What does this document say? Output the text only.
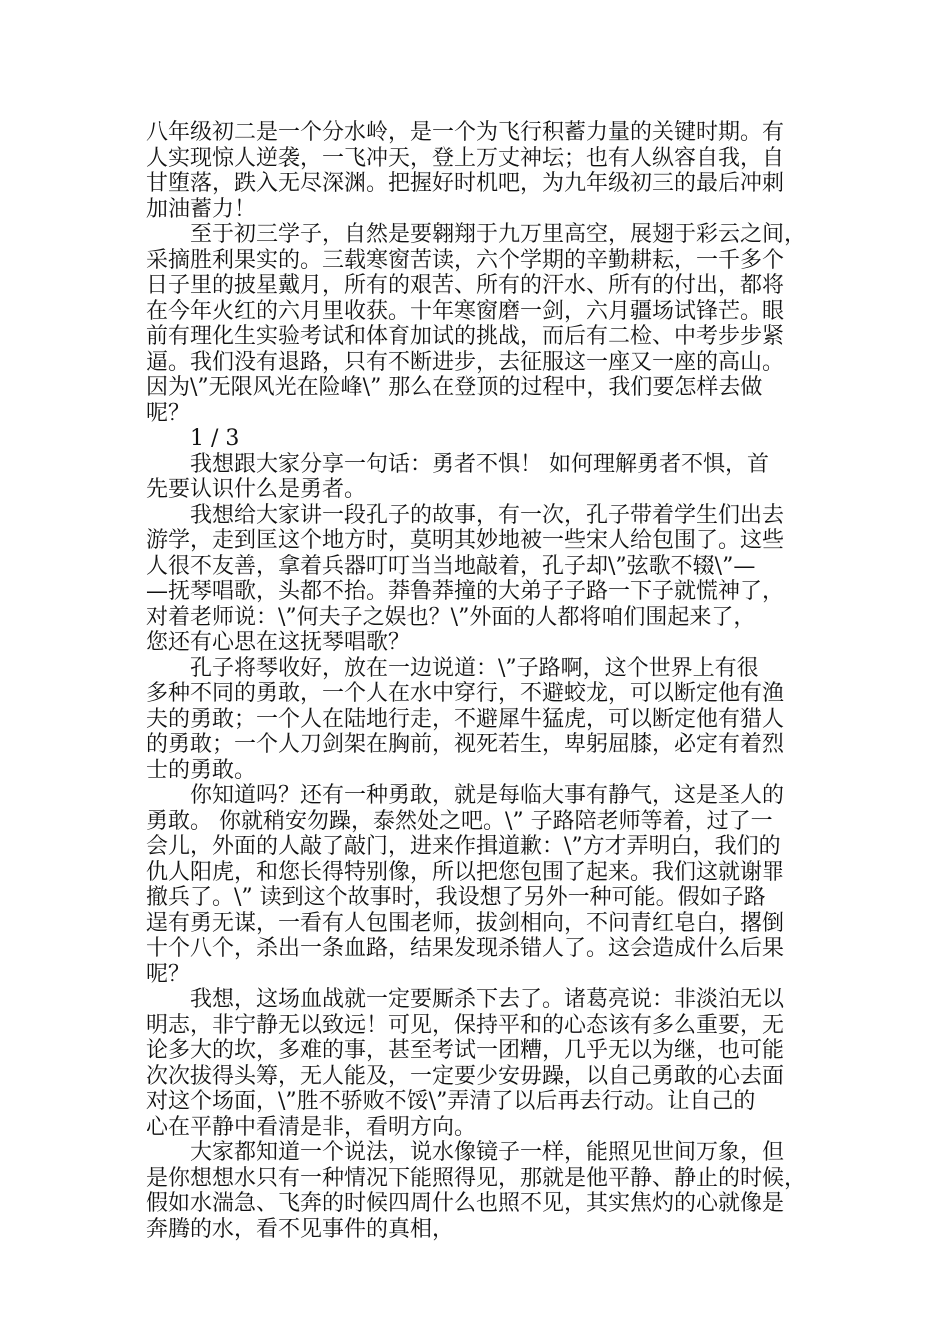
八年级初二是一个分水岭，是一个为飞行积蓄力量的关键时期。有
人实现惊人逆袭，一飞冲天，登上万丈神坛；也有人纵容自我，自
甘堕落，跌入无尽深渊。把握好时机吧，为九年级初三的最后冲刺
加油蓄力！
　　至于初三学子，自然是要翱翔于九万里高空，展翅于彩云之间，
采摘胜利果实的。三载寒窗苦读，六个学期的辛勤耕耘，一千多个
日子里的披星戴月，所有的艰苦、所有的汗水、所有的付出，都将
在今年火红的六月里收获。十年寒窗磨一剑，六月疆场试锋芒。眼
前有理化生实验考试和体育加试的挑战，而后有二检、中考步步紧
逼。我们没有退路，只有不断进步，去征服这一座又一座的高山。
因为\”无限风光在险峰\” 那么在登顶的过程中，我们要怎样去做
呢？
　　1 / 3
　　我想跟大家分享一句话：勇者不惧！ 如何理解勇者不惧，首
先要认识什么是勇者。
　　我想给大家讲一段孔子的故事，有一次，孔子带着学生们出去
游学，走到匡这个地方时，莫明其妙地被一些宋人给包围了。这些
人很不友善，拿着兵器叮叮当当地敲着，孔子却\”弦歌不辍\”—
—抚琴唱歌，头都不抬。莽鲁莽撞的大弟子子路一下子就慌神了，
对着老师说：\”何夫子之娱也？\”外面的人都将咱们围起来了，
您还有心思在这抚琴唱歌？
　　孔子将琴收好，放在一边说道：\”子路啊，这个世界上有很
多种不同的勇敢，一个人在水中穿行，不避蛟龙，可以断定他有渔
夫的勇敢；一个人在陆地行走，不避犀牛猛虎，可以断定他有猎人
的勇敢；一个人刀剑架在胸前，视死若生，卑躬屈膝，必定有着烈
士的勇敢。
　　你知道吗？还有一种勇敢，就是每临大事有静气，这是圣人的
勇敢。 你就稍安勿躁，泰然处之吧。\” 子路陪老师等着，过了一
会儿，外面的人敲了敲门，进来作揖道歉：\”方才弄明白，我们的
仇人阳虎，和您长得特别像，所以把您包围了起来。我们这就谢罪
撤兵了。\” 读到这个故事时，我设想了另外一种可能。假如子路
逞有勇无谋，一看有人包围老师，拔剑相向，不问青红皂白，撂倒
十个八个，杀出一条血路，结果发现杀错人了。这会造成什么后果
呢？
　　我想，这场血战就一定要厮杀下去了。诸葛亮说：非淡泊无以
明志，非宁静无以致远！可见，保持平和的心态该有多么重要，无
论多大的坎，多难的事，甚至考试一团糟，几乎无以为继，也可能
次次拔得头筹，无人能及，一定要少安毋躁，以自己勇敢的心去面
对这个场面，\”胜不骄败不馁\”弄清了以后再去行动。让自己的
心在平静中看清是非，看明方向。
　　大家都知道一个说法，说水像镜子一样，能照见世间万象，但
是你想想水只有一种情况下能照得见，那就是他平静、静止的时候，
假如水湍急、飞奔的时候四周什么也照不见，其实焦灼的心就像是
奔腾的水，看不见事件的真相，
